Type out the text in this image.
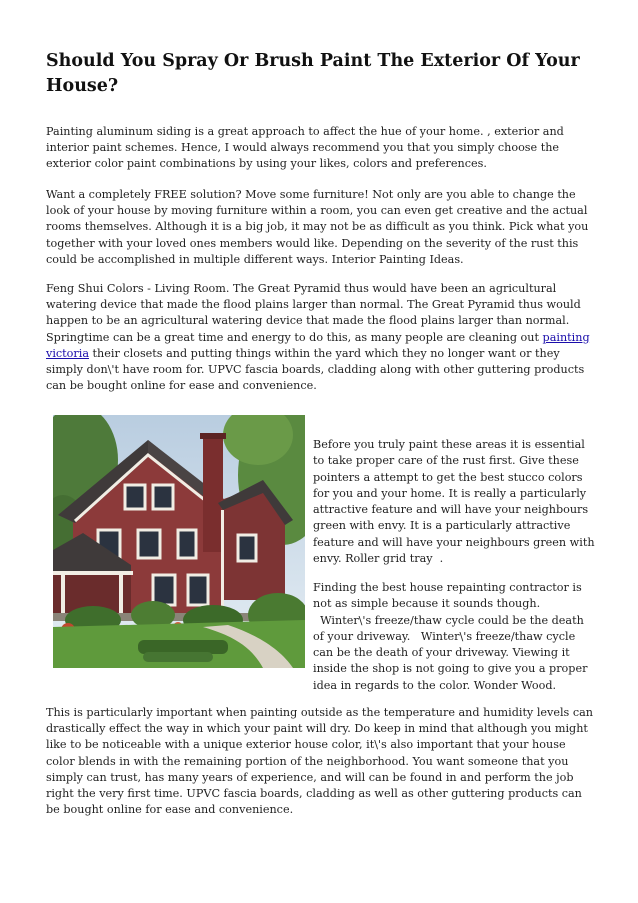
Should You Spray Or Brush Paint The Exterior Of Your House?

Painting aluminum siding is a great approach to affect the hue of your home. , exterior and interior paint schemes. Hence, I would always recommend you that you simply choose the exterior color paint combinations by using your likes, colors and preferences.

Want a completely FREE solution? Move some furniture! Not only are you able to change the look of your house by moving furniture within a room, you can even get creative and the actual rooms themselves. Although it is a big job, it may not be as difficult as you think. Pick what you together with your loved ones members would like. Depending on the severity of the rust this could be accomplished in multiple different ways. Interior Painting Ideas.

Feng Shui Colors - Living Room. The Great Pyramid thus would have been an agricultural watering device that made the flood plains larger than normal. The Great Pyramid thus would happen to be an agricultural watering device that made the flood plains larger than normal. Springtime can be a great time and energy to do this, as many people are cleaning out painting victoria their closets and putting things within the yard which they no longer want or they simply don\'t have room for. UPVC fascia boards, cladding along with other guttering products can be bought online for ease and convenience.

Before you truly paint these areas it is essential to take proper care of the rust first. Give these pointers a attempt to get the best stucco colors for you and your home. It is really a particularly attractive feature and will have your neighbours green with envy. It is a particularly attractive feature and will have your neighbours green with envy. Roller grid tray  .

Finding the best house repainting contractor is not as simple because it sounds though.   Winter\'s freeze/thaw cycle could be the death of your driveway.   Winter\'s freeze/thaw cycle can be the death of your driveway. Viewing it inside the shop is not going to give you a proper idea in regards to the color. Wonder Wood.

This is particularly important when painting outside as the temperature and humidity levels can drastically effect the way in which your paint will dry. Do keep in mind that although you might like to be noticeable with a unique exterior house color, it\'s also important that your house color blends in with the remaining portion of the neighborhood. You want someone that you simply can trust, has many years of experience, and will can be found in and perform the job right the very first time. UPVC fascia boards, cladding as well as other guttering products can be bought online for ease and convenience.
